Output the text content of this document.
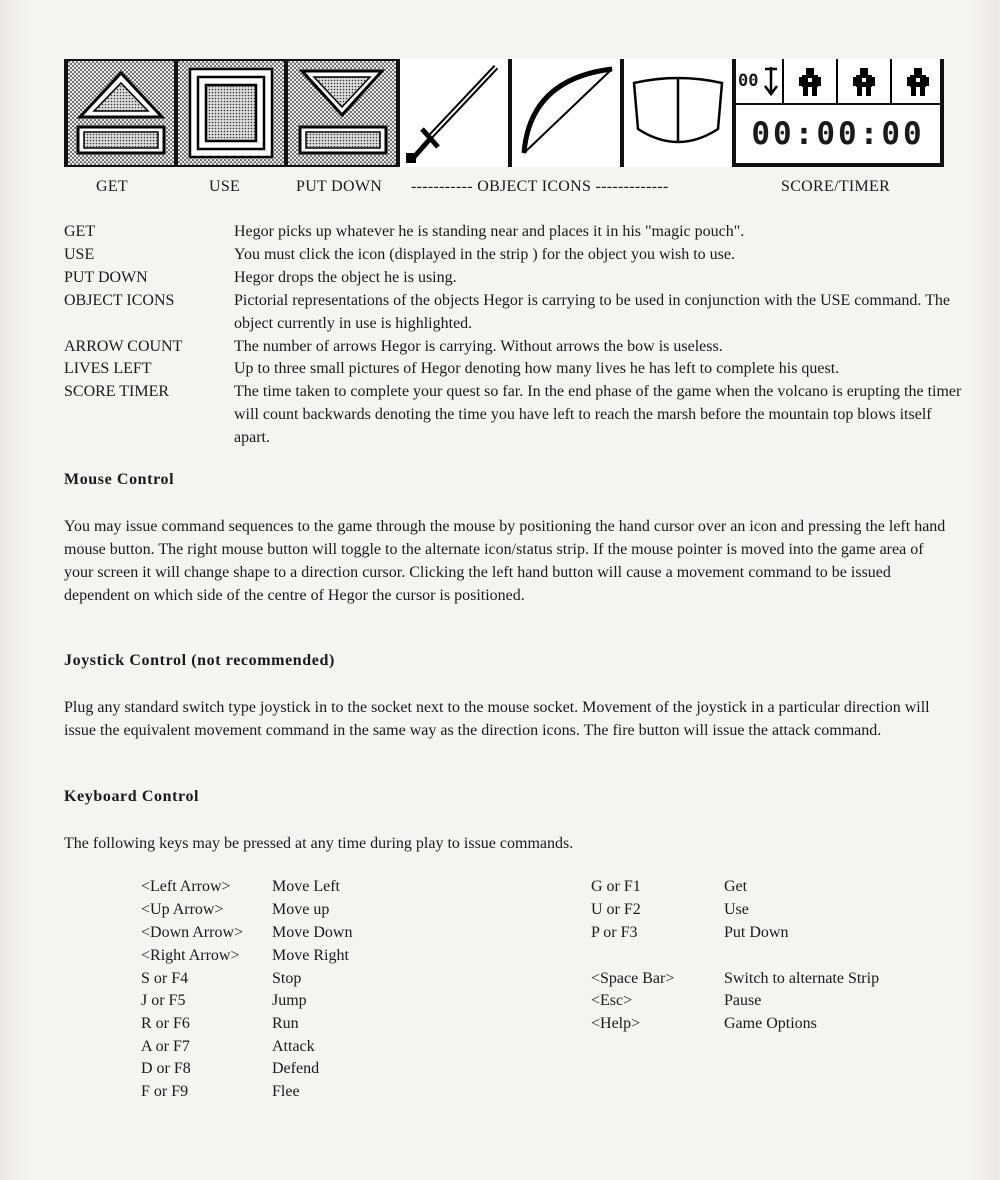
00
00:00:00
GET	USE	PUT DOWN ----------- OBJECT ICONS -------------	SCORE/TIMER
GET	Hegor picks up whatever he is standing near and places it in his "magic pouch".
USE	You must click the icon (displayed in the strip ) for the object you wish to use.
PUT DOWN	Hegor drops the object he is using.
OBJECT ICONS	Pictorial representations of the objects Hegor is carrying to be used in conjunction with the USE command. The object currently in use is highlighted.
ARROW COUNT	The number of arrows Hegor is carrying. Without arrows the bow is useless.
LIVES LEFT	Up to three small pictures of Hegor denoting how many lives he has left to complete his quest.
SCORE TIMER	The time taken to complete your quest so far. In the end phase of the game when the volcano is erupting the timer will count backwards denoting the time you have left to reach the marsh before the mountain top blows itself apart.
Mouse Control
You may issue command sequences to the game through the mouse by positioning the hand cursor over an icon and pressing the left hand mouse button. The right mouse button will toggle to the alternate icon/status strip. If the mouse pointer is moved into the game area of your screen it will change shape to a direction cursor. Clicking the left hand button will cause a movement command to be issued dependent on which side of the centre of Hegor the cursor is positioned.
Joystick Control (not recommended)
Plug any standard switch type joystick in to the socket next to the mouse socket. Movement of the joystick in a particular direction will issue the equivalent movement command in the same way as the direction icons. The fire button will issue the attack command.
Keyboard Control
The following keys may be pressed at any time during play to issue commands.
<Left Arrow>	Move Left
<Up Arrow>	Move up
<Down Arrow> Move Down
<Right Arrow> Move Right
S or F4	Stop
J or F5	Jump
R or F6	Run
A or F7	Attack
D or F8	Defend
F or F9	Flee
G or F1	Get
U or F2	Use
P or F3	Put Down
<Space Bar>	Switch to alternate Strip
<Esc>	Pause
<Help>	Game Options
